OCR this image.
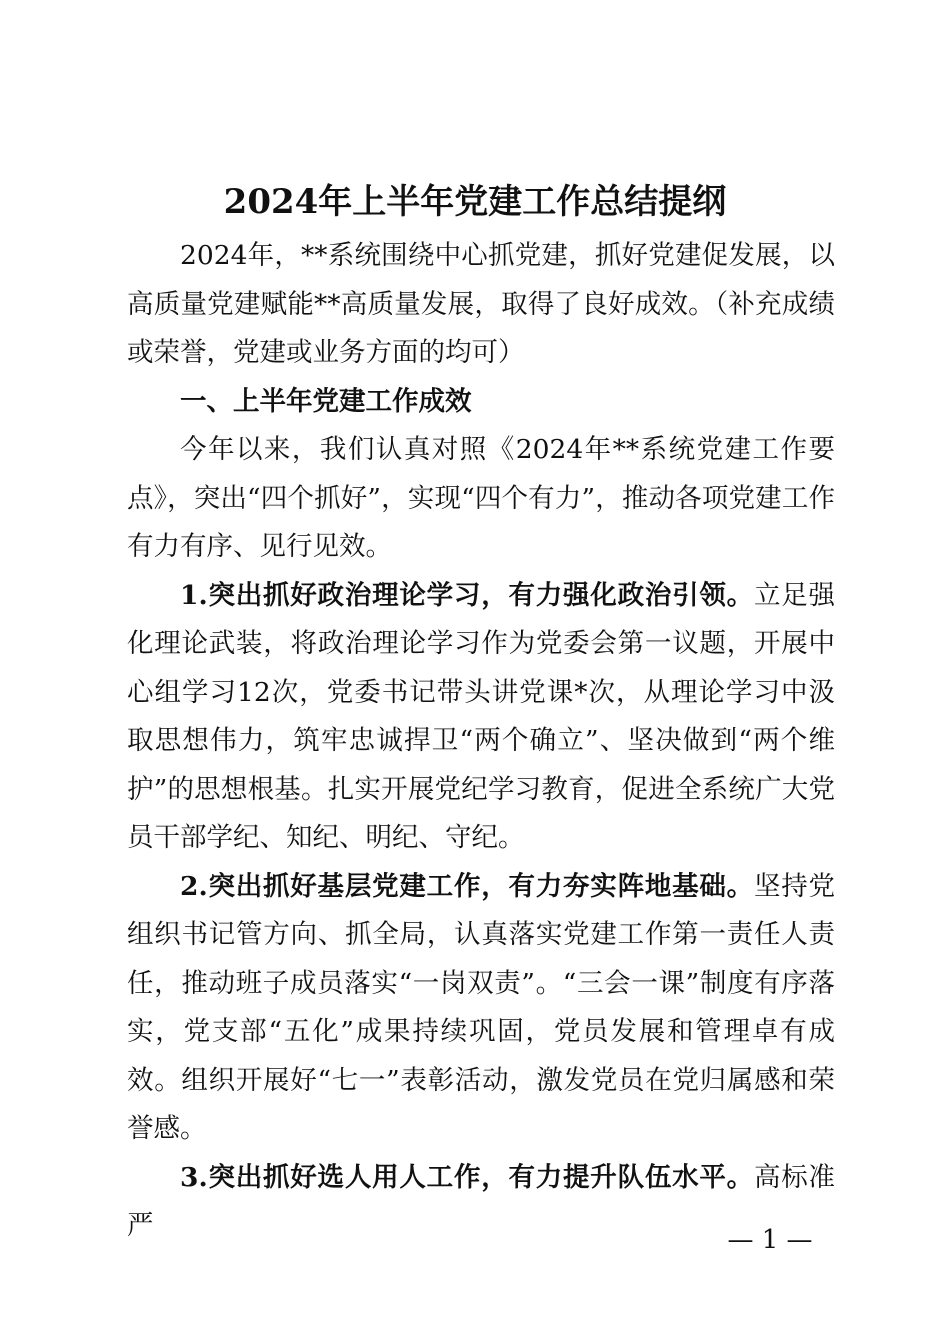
2024年上半年党建工作总结提纲

2024年，**系统围绕中心抓党建，抓好党建促发展，以高质量党建赋能**高质量发展，取得了良好成效。（补充成绩或荣誉，党建或业务方面的均可）

一、上半年党建工作成效

今年以来，我们认真对照《2024年**系统党建工作要点》，突出“四个抓好”，实现“四个有力”，推动各项党建工作有力有序、见行见效。

1.突出抓好政治理论学习，有力强化政治引领。立足强化理论武装，将政治理论学习作为党委会第一议题，开展中心组学习12次，党委书记带头讲党课*次，从理论学习中汲取思想伟力，筑牢忠诚捍卫“两个确立”、坚决做到“两个维护”的思想根基。扎实开展党纪学习教育，促进全系统广大党员干部学纪、知纪、明纪、守纪。

2.突出抓好基层党建工作，有力夯实阵地基础。坚持党组织书记管方向、抓全局，认真落实党建工作第一责任人责任，推动班子成员落实“一岗双责”。“三会一课”制度有序落实，党支部“五化”成果持续巩固，党员发展和管理卓有成效。组织开展好“七一”表彰活动，激发党员在党归属感和荣誉感。

3.突出抓好选人用人工作，有力提升队伍水平。高标准严	— 1 —
